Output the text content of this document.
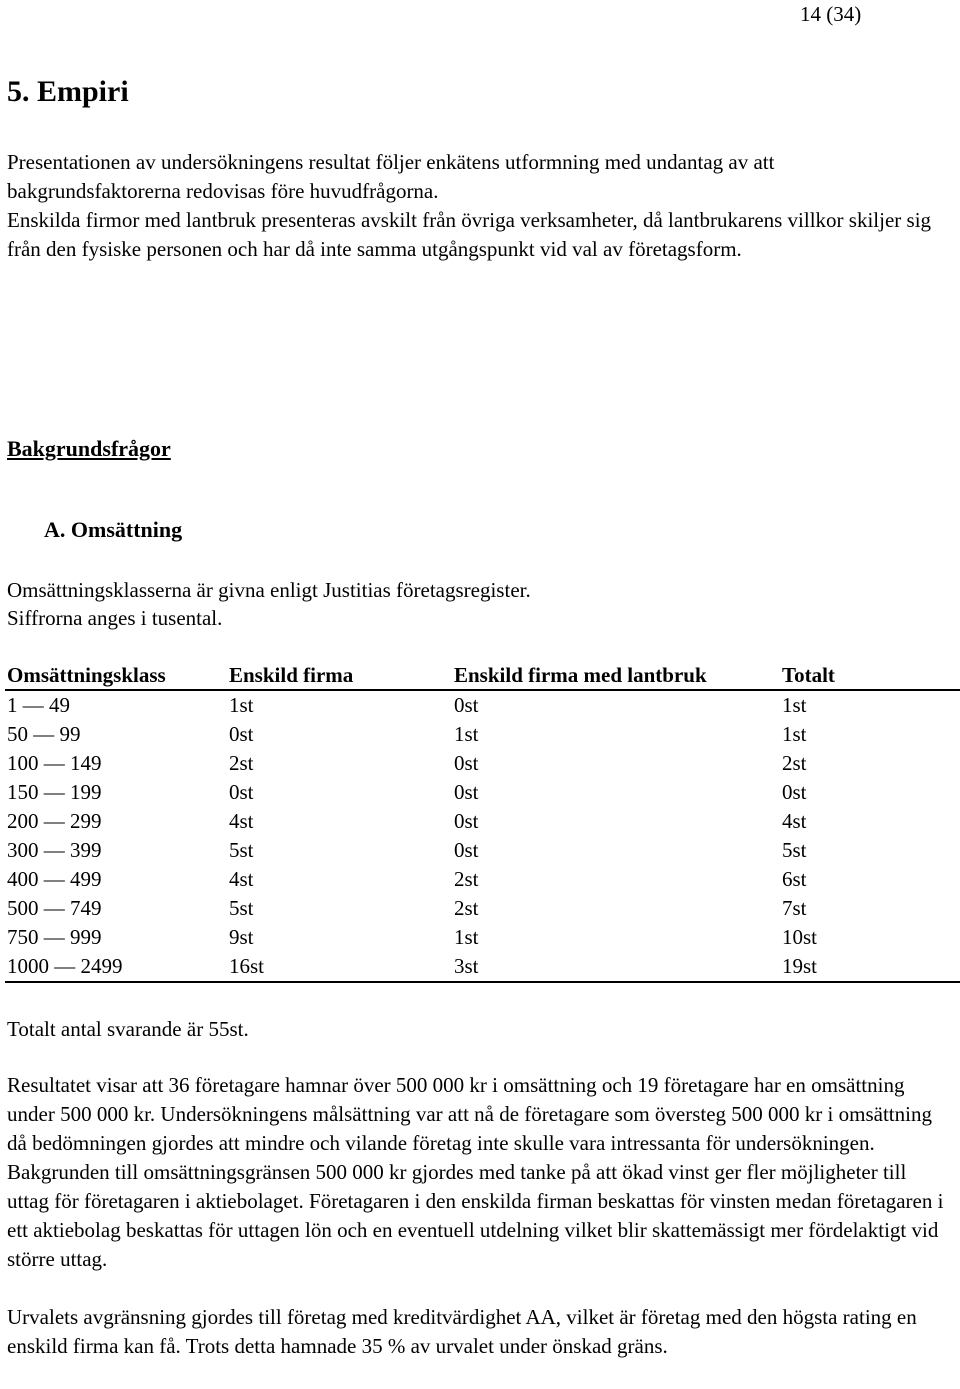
14 (34)
5. Empiri

Presentationen av undersökningens resultat följer enkätens utformning med undantag av att bakgrundsfaktorerna redovisas före huvudfrågorna.

Enskilda firmor med lantbruk presenteras avskilt från övriga verksamheter, då lantbrukarens villkor skiljer sig från den fysiske personen och har då inte samma utgångspunkt vid val av företagsform.

Bakgrundsfrågor
A. Omsättning
Omsättningsklasserna är givna enligt Justitias företagsregister.
Siffrorna anges i tusental.
Omsättningsklass	Enskild firma	Enskild firma med lantbruk	Totalt
1 — 49	1st	0st	1st
50 — 99	0st	1st	1st
100 — 149	2st	0st	2st
150 — 199	0st	0st	0st
200 — 299	4st	0st	4st
300 — 399	5st	0st	5st
400 — 499	4st	2st	6st
500 — 749	5st	2st	7st
750 — 999	9st	1st	10st
1000 — 2499	16st	3st	19st
Totalt antal svarande är 55st.

Resultatet visar att 36 företagare hamnar över 500 000 kr i omsättning och 19 företagare har en omsättning under 500 000 kr. Undersökningens målsättning var att nå de företagare som översteg 500 000 kr i omsättning då bedömningen gjordes att mindre och vilande företag inte skulle vara intressanta för undersökningen. Bakgrunden till omsättningsgränsen 500 000 kr gjordes med tanke på att ökad vinst ger fler möjligheter till uttag för företagaren i aktiebolaget. Företagaren i den enskilda firman beskattas för vinsten medan företagaren i ett aktiebolag beskattas för uttagen lön och en eventuell utdelning vilket blir skattemässigt mer fördelaktigt vid större uttag.

Urvalets avgränsning gjordes till företag med kreditvärdighet AA, vilket är företag med den högsta rating en enskild firma kan få. Trots detta hamnade 35 % av urvalet under önskad gräns.
